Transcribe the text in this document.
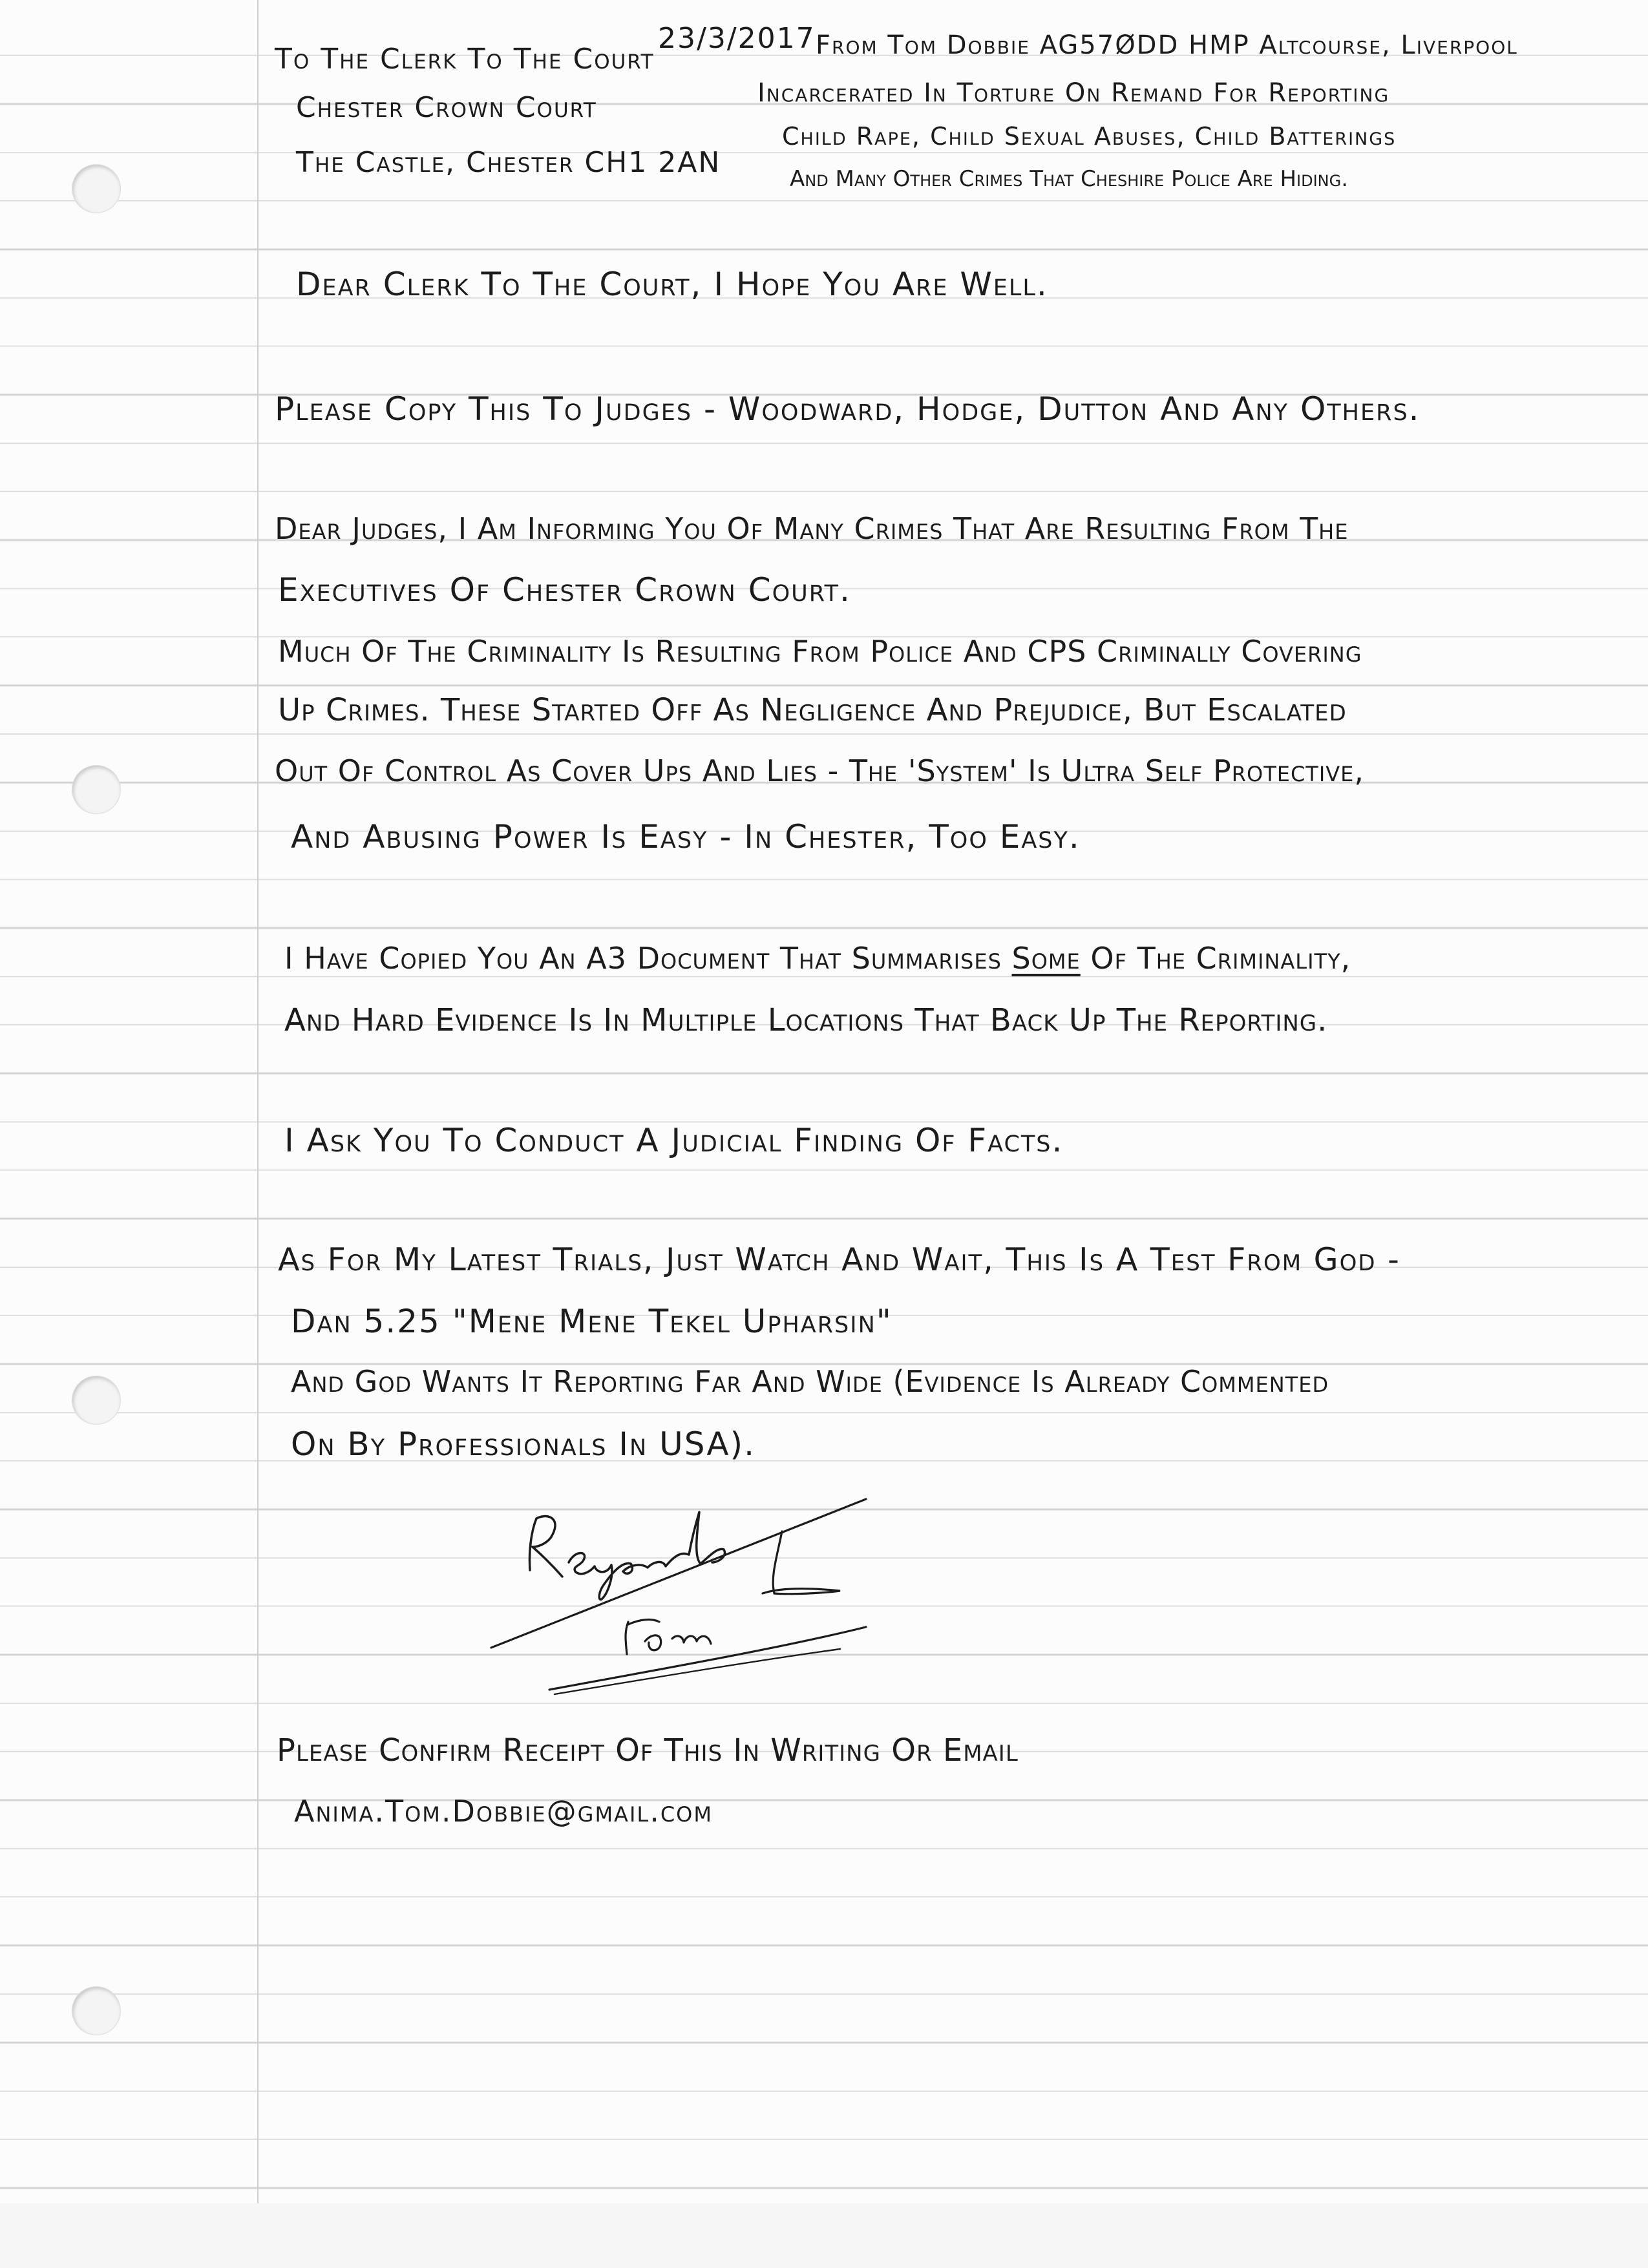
To The Clerk To The Court

Chester Crown Court

The Castle, Chester CH1 2AN

23/3/2017 From Tom Dobbie AG57ØDD HMP Altcourse, Liverpool

Incarcerated In Torture On Remand For Reporting

Child Rape, Child Sexual Abuses, Child Batterings

And Many Other Crimes That Cheshire Police Are Hiding.

Dear Clerk To The Court, I Hope You Are Well.

Please Copy This To Judges - Woodward, Hodge, Dutton And Any Others.

Dear Judges, I Am Informing You Of Many Crimes That Are Resulting From The

Executives Of Chester Crown Court.

Much Of The Criminality Is Resulting From Police And CPS Criminally Covering

Up Crimes. These Started Off As Negligence And Prejudice, But Escalated

Out Of Control As Cover Ups And Lies - The 'System' Is Ultra Self Protective,

And Abusing Power Is Easy - In Chester, Too Easy.

I Have Copied You An A3 Document That Summarises Some Of The Criminality,

And Hard Evidence Is In Multiple Locations That Back Up The Reporting.

I Ask You To Conduct A Judicial Finding Of Facts.

As For My Latest Trials, Just Watch And Wait, This Is A Test From God -

Dan 5.25 "Mene Mene Tekel Upharsin"

And God Wants It Reporting Far And Wide (Evidence Is Already Commented

On By Professionals In USA).

Please Confirm Receipt Of This In Writing Or Email

Anima.Tom.Dobbie@gmail.com
